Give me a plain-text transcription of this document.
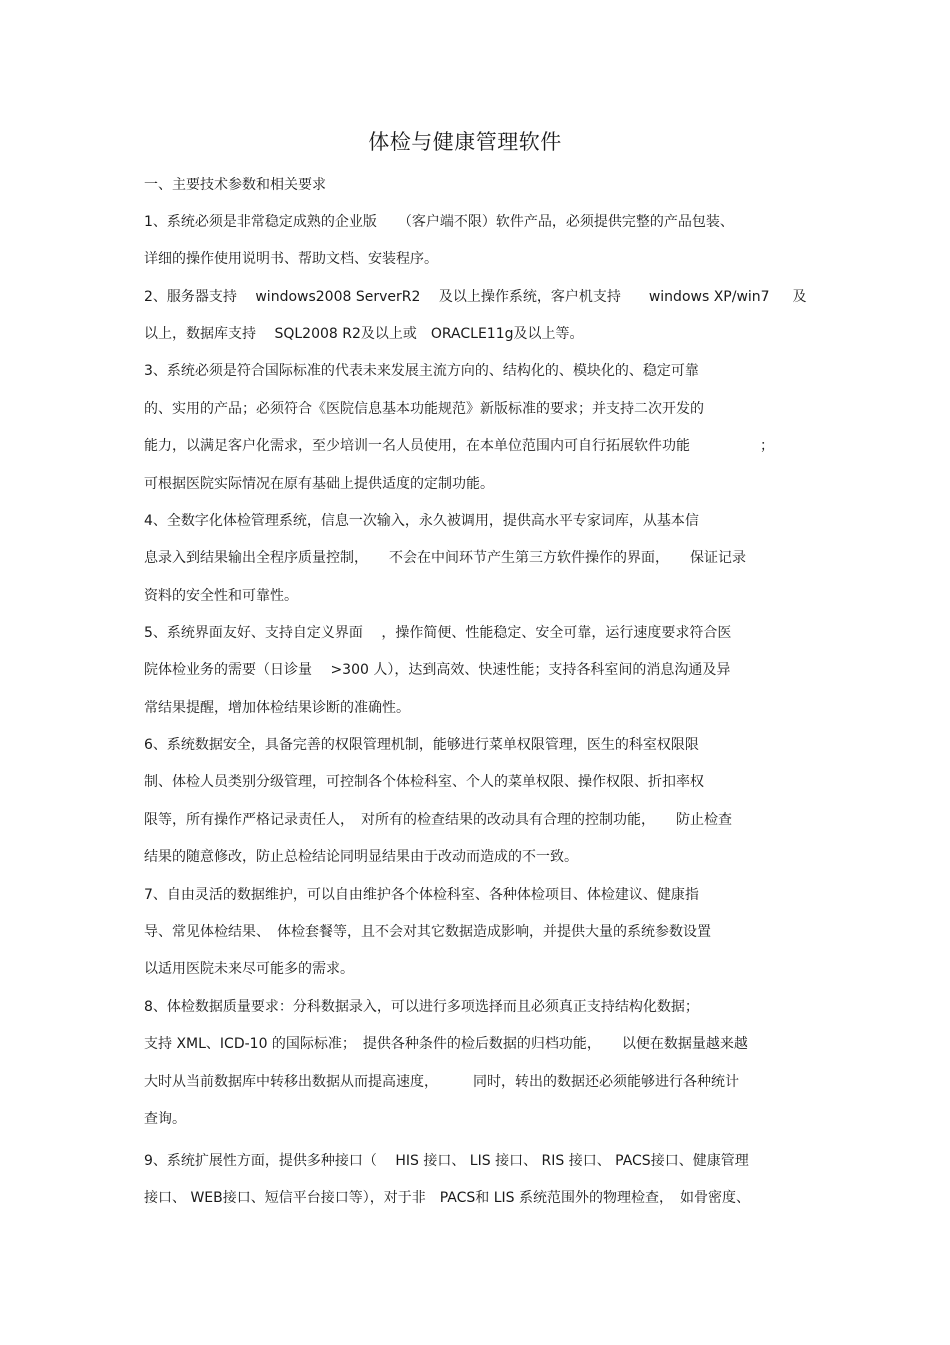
体检与健康管理软件
一、主要技术参数和相关要求
1、系统必须是非常稳定成熟的企业版　　（客户端不限）软件产品，必须提供完整的产品包装、
详细的操作使用说明书、帮助文档、安装程序。
2、服务器支持　 windows2008 ServerR2 　及以上操作系统，客户机支持　　windows XP/win7 　 及
以上，数据库支持　 SQL2008 R2及以上或　ORACLE11g及以上等。
3、系统必须是符合国际标准的代表未来发展主流方向的、结构化的、模块化的、稳定可靠
的、实用的产品；必须符合《医院信息基本功能规范》新版标准的要求；并支持二次开发的
能力，以满足客户化需求，至少培训一名人员使用，在本单位范围内可自行拓展软件功能　　　　　；
可根据医院实际情况在原有基础上提供适度的定制功能。
4、全数字化体检管理系统，信息一次输入，永久被调用，提供高水平专家词库，从基本信
息录入到结果输出全程序质量控制，　　不会在中间环节产生第三方软件操作的界面，　　保证记录
资料的安全性和可靠性。
5、系统界面友好、支持自定义界面　 ，操作简便、性能稳定、安全可靠，运行速度要求符合医
院体检业务的需要（日诊量　 >300 人），达到高效、快速性能；支持各科室间的消息沟通及异
常结果提醒，增加体检结果诊断的准确性。
6、系统数据安全，具备完善的权限管理机制，能够进行菜单权限管理，医生的科室权限限
制、体检人员类别分级管理，可控制各个体检科室、个人的菜单权限、操作权限、折扣率权
限等，所有操作严格记录责任人，　对所有的检查结果的改动具有合理的控制功能，　　防止检查
结果的随意修改，防止总检结论同明显结果由于改动而造成的不一致。
7、自由灵活的数据维护，可以自由维护各个体检科室、各种体检项目、体检建议、健康指
导、常见体检结果、　体检套餐等，且不会对其它数据造成影响，并提供大量的系统参数设置
以适用医院未来尽可能多的需求。
8、体检数据质量要求：分科数据录入，可以进行多项选择而且必须真正支持结构化数据；
支持 XML、ICD-10 的国际标准；　提供各种条件的检后数据的归档功能，　　以便在数据量越来越
大时从当前数据库中转移出数据从而提高速度，　　　同时，转出的数据还必须能够进行各种统计
查询。
9、系统扩展性方面，提供多种接口（　 HIS 接口、 LIS 接口、 RIS 接口、 PACS接口、健康管理
接口、 WEB接口、短信平台接口等），对于非　PACS和 LIS 系统范围外的物理检查，　如骨密度、
